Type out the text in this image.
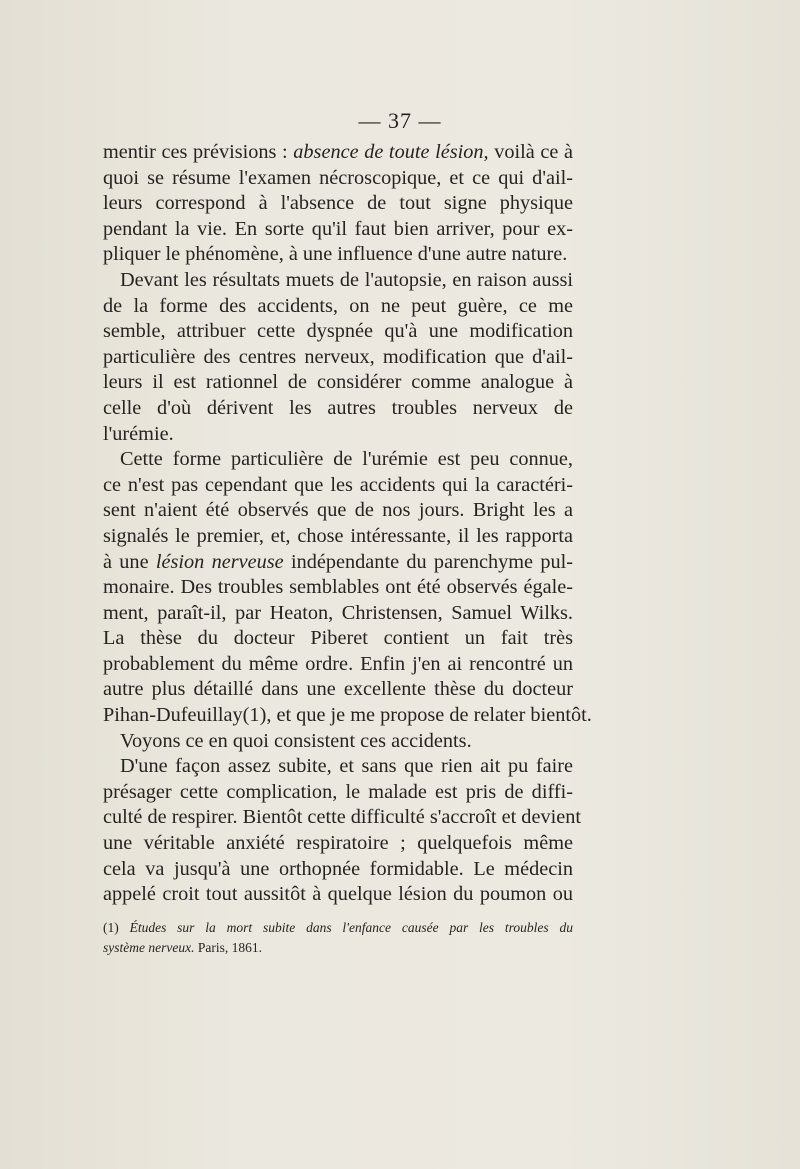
— 37 —
mentir ces prévisions : absence de toute lésion, voilà ce à
quoi se résume l'examen nécroscopique, et ce qui d'ail-
leurs correspond à l'absence de tout signe physique
pendant la vie. En sorte qu'il faut bien arriver, pour ex-
pliquer le phénomène, à une influence d'une autre nature.
Devant les résultats muets de l'autopsie, en raison aussi
de la forme des accidents, on ne peut guère, ce me
semble, attribuer cette dyspnée qu'à une modification
particulière des centres nerveux, modification que d'ail-
leurs il est rationnel de considérer comme analogue à
celle d'où dérivent les autres troubles nerveux de
l'urémie.
Cette forme particulière de l'urémie est peu connue,
ce n'est pas cependant que les accidents qui la caractéri-
sent n'aient été observés que de nos jours. Bright les a
signalés le premier, et, chose intéressante, il les rapporta
à une lésion nerveuse indépendante du parenchyme pul-
monaire. Des troubles semblables ont été observés égale-
ment, paraît-il, par Heaton, Christensen, Samuel Wilks.
La thèse du docteur Piberet contient un fait très
probablement du même ordre. Enfin j'en ai rencontré un
autre plus détaillé dans une excellente thèse du docteur
Pihan-Dufeuillay(1), et que je me propose de relater bientôt.
Voyons ce en quoi consistent ces accidents.
D'une façon assez subite, et sans que rien ait pu faire
présager cette complication, le malade est pris de diffi-
culté de respirer. Bientôt cette difficulté s'accroît et devient
une véritable anxiété respiratoire ; quelquefois même
cela va jusqu'à une orthopnée formidable. Le médecin
appelé croit tout aussitôt à quelque lésion du poumon ou
(1) Études sur la mort subite dans l'enfance causée par les troubles du
système nerveux. Paris, 1861.
